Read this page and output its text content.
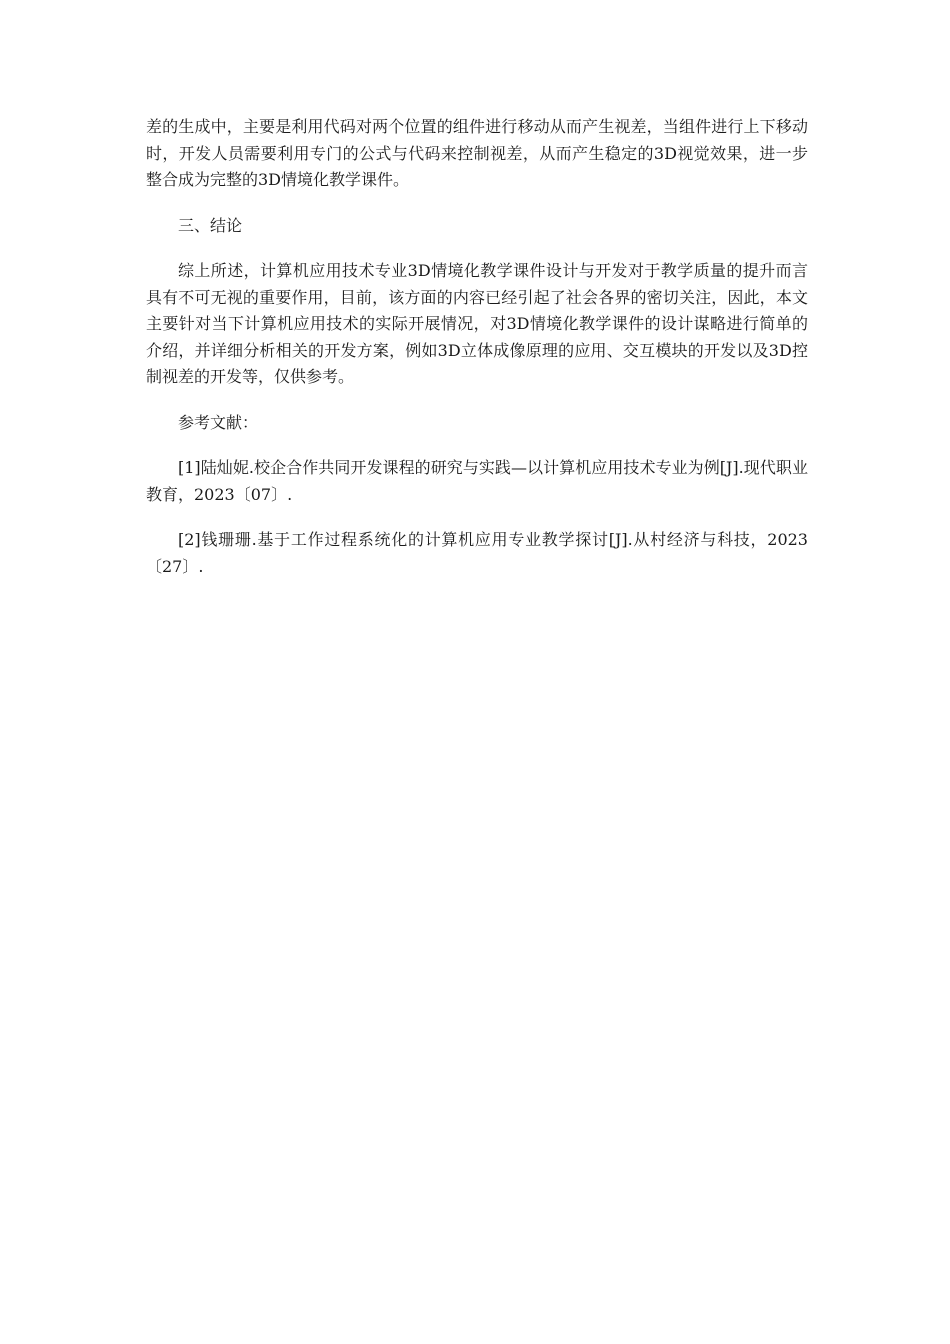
差的生成中，主要是利用代码对两个位置的组件进行移动从而产生视差，当组件进行上下移动时，开发人员需要利用专门的公式与代码来控制视差，从而产生稳定的3D视觉效果，进一步整合成为完整的3D情境化教学课件。

三、结论

综上所述，计算机应用技术专业3D情境化教学课件设计与开发对于教学质量的提升而言具有不可无视的重要作用，目前，该方面的内容已经引起了社会各界的密切关注，因此，本文主要针对当下计算机应用技术的实际开展情况，对3D情境化教学课件的设计谋略进行简单的介绍，并详细分析相关的开发方案，例如3D立体成像原理的应用、交互模块的开发以及3D控制视差的开发等，仅供参考。

参考文献：

[1]陆灿妮.校企合作共同开发课程的研究与实践—以计算机应用技术专业为例[J].现代职业教育，2023〔07〕.

[2]钱珊珊.基于工作过程系统化的计算机应用专业教学探讨[J].从村经济与科技，2023〔27〕.
